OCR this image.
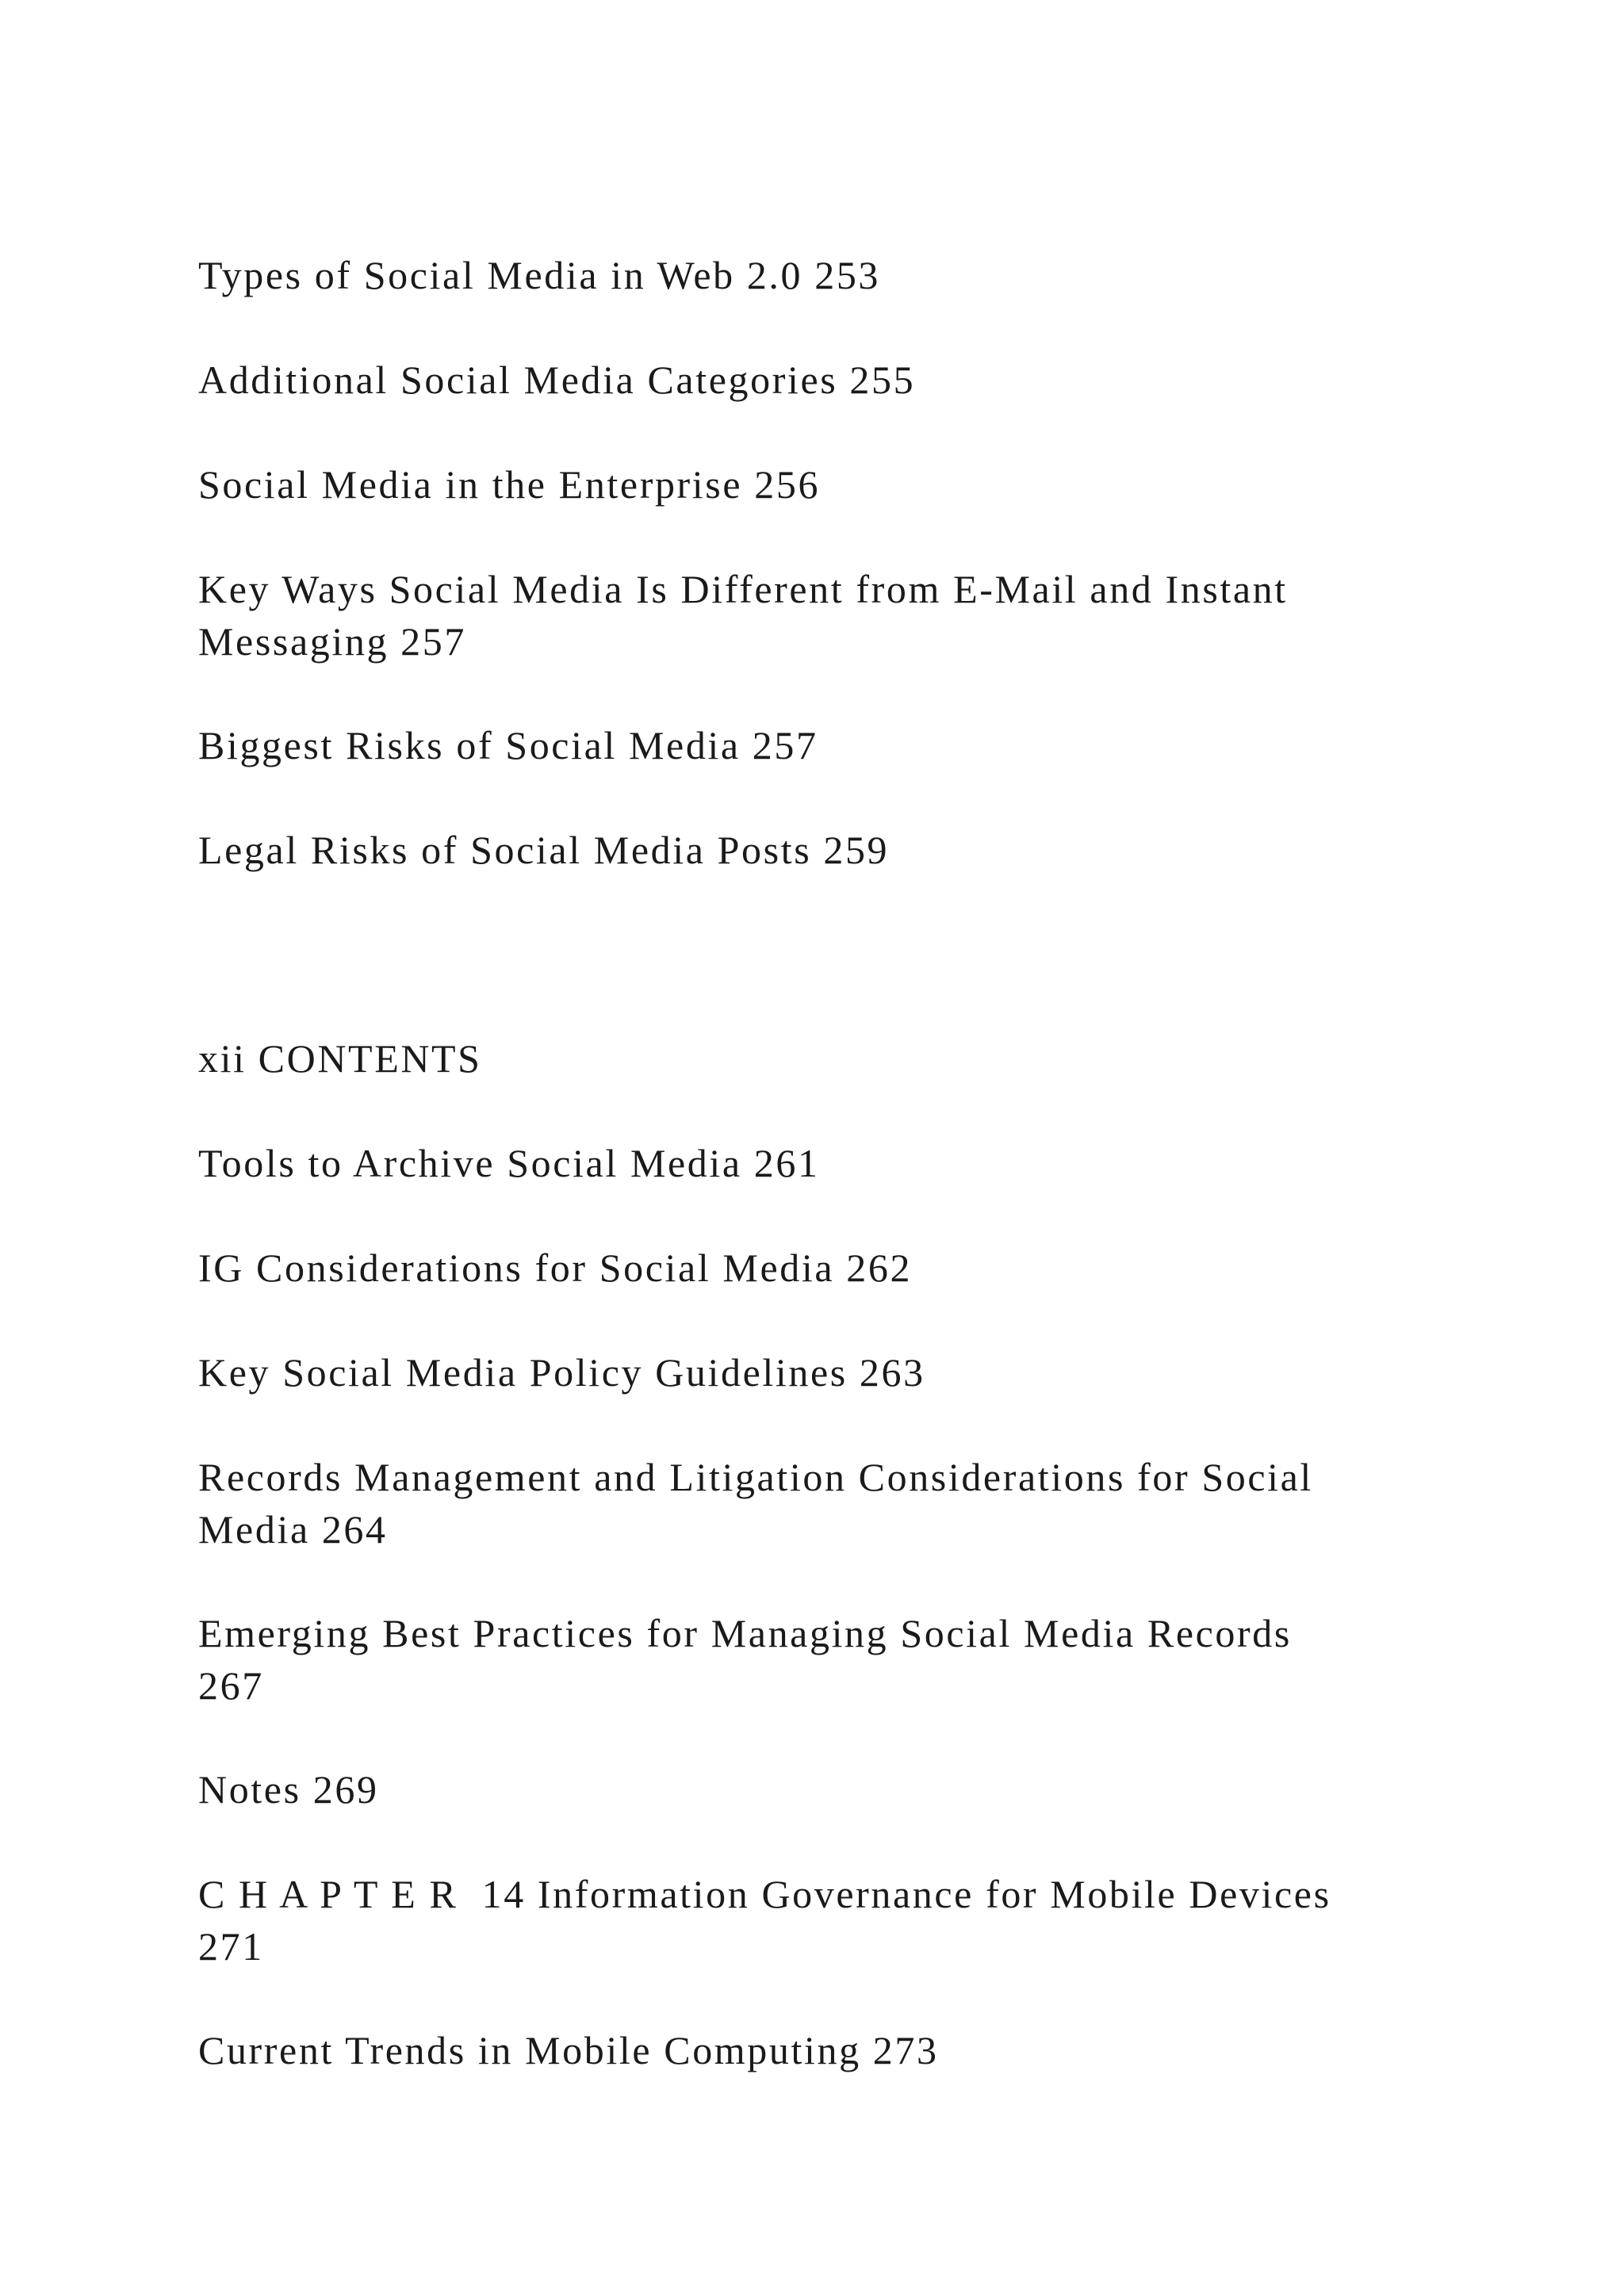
Types of Social Media in Web 2.0 253

Additional Social Media Categories 255

Social Media in the Enterprise 256

Key Ways Social Media Is Different from E-Mail and Instant
Messaging 257

Biggest Risks of Social Media 257

Legal Risks of Social Media Posts 259

xii CONTENTS

Tools to Archive Social Media 261

IG Considerations for Social Media 262

Key Social Media Policy Guidelines 263

Records Management and Litigation Considerations for Social
Media 264

Emerging Best Practices for Managing Social Media Records
267

Notes 269

C H A P T E R  14 Information Governance for Mobile Devices
271

Current Trends in Mobile Computing 273
